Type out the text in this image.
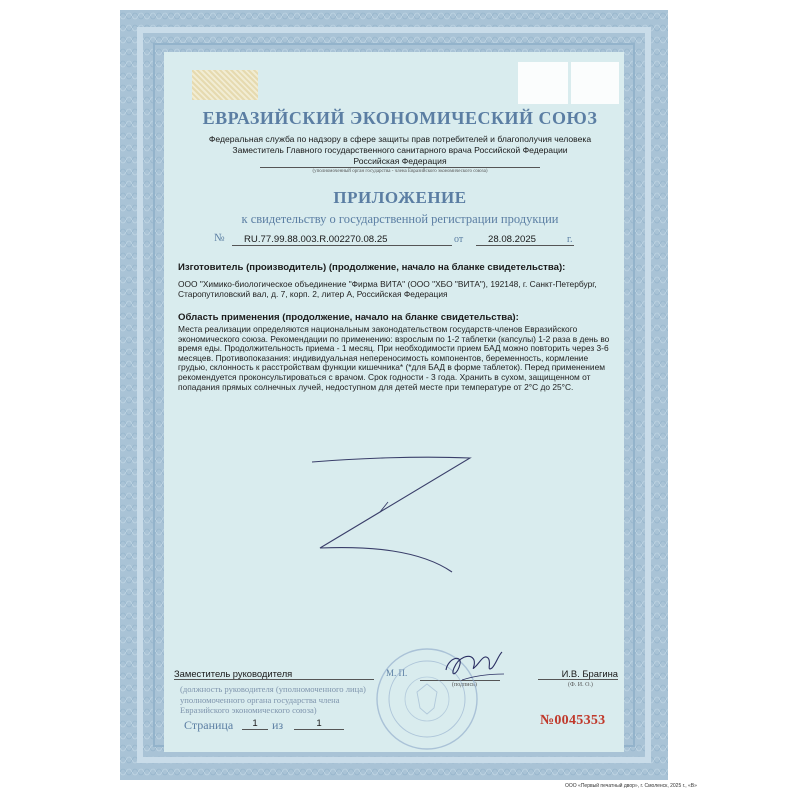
ЕВРАЗИЙСКИЙ ЭКОНОМИЧЕСКИЙ СОЮЗ
Федеральная служба по надзору в сфере защиты прав потребителей и благополучия человека
Заместитель Главного государственного санитарного врача Российской Федерации
Российская Федерация
(уполномоченный орган государства - члена Евразийского экономического союза)
ПРИЛОЖЕНИЕ
к свидетельству о государственной регистрации продукции
№	RU.77.99.88.003.R.002270.08.25	от	28.08.2025	г.
Изготовитель (производитель) (продолжение, начало на бланке свидетельства):
ООО "Химико-биологическое объединение "Фирма ВИТА" (ООО "ХБО "ВИТА"), 192148, г. Санкт-Петербург, Старопутиловский вал, д. 7, корп. 2, литер А, Российская Федерация
Область применения (продолжение, начало на бланке свидетельства):
Места реализации определяются национальным законодательством государств-членов Евразийского экономического союза. Рекомендации по применению: взрослым по 1-2 таблетки (капсулы) 1-2 раза в день во время еды. Продолжительность приема - 1 месяц. При необходимости прием БАД можно повторить через 3-6 месяцев. Противопоказания: индивидуальная непереносимость компонентов, беременность, кормление грудью, склонность к расстройствам функции кишечника* (*для БАД в форме таблеток). Перед применением рекомендуется проконсультироваться с врачом. Срок годности - 3 года. Хранить в сухом, защищенном от попадания прямых солнечных лучей, недоступном для детей месте при температуре от 2°С до 25°С.
Заместитель руководителя	М. П.
(подпись)
И.В. Брагина
(Ф. И. О.)
(должность руководителя (уполномоченного лица) уполномоченного органа государства члена Евразийского экономического союза)
Страница	1	из	1	№0045353
ООО «Первый печатный двор», г. Смоленск, 2025 г., «В»
